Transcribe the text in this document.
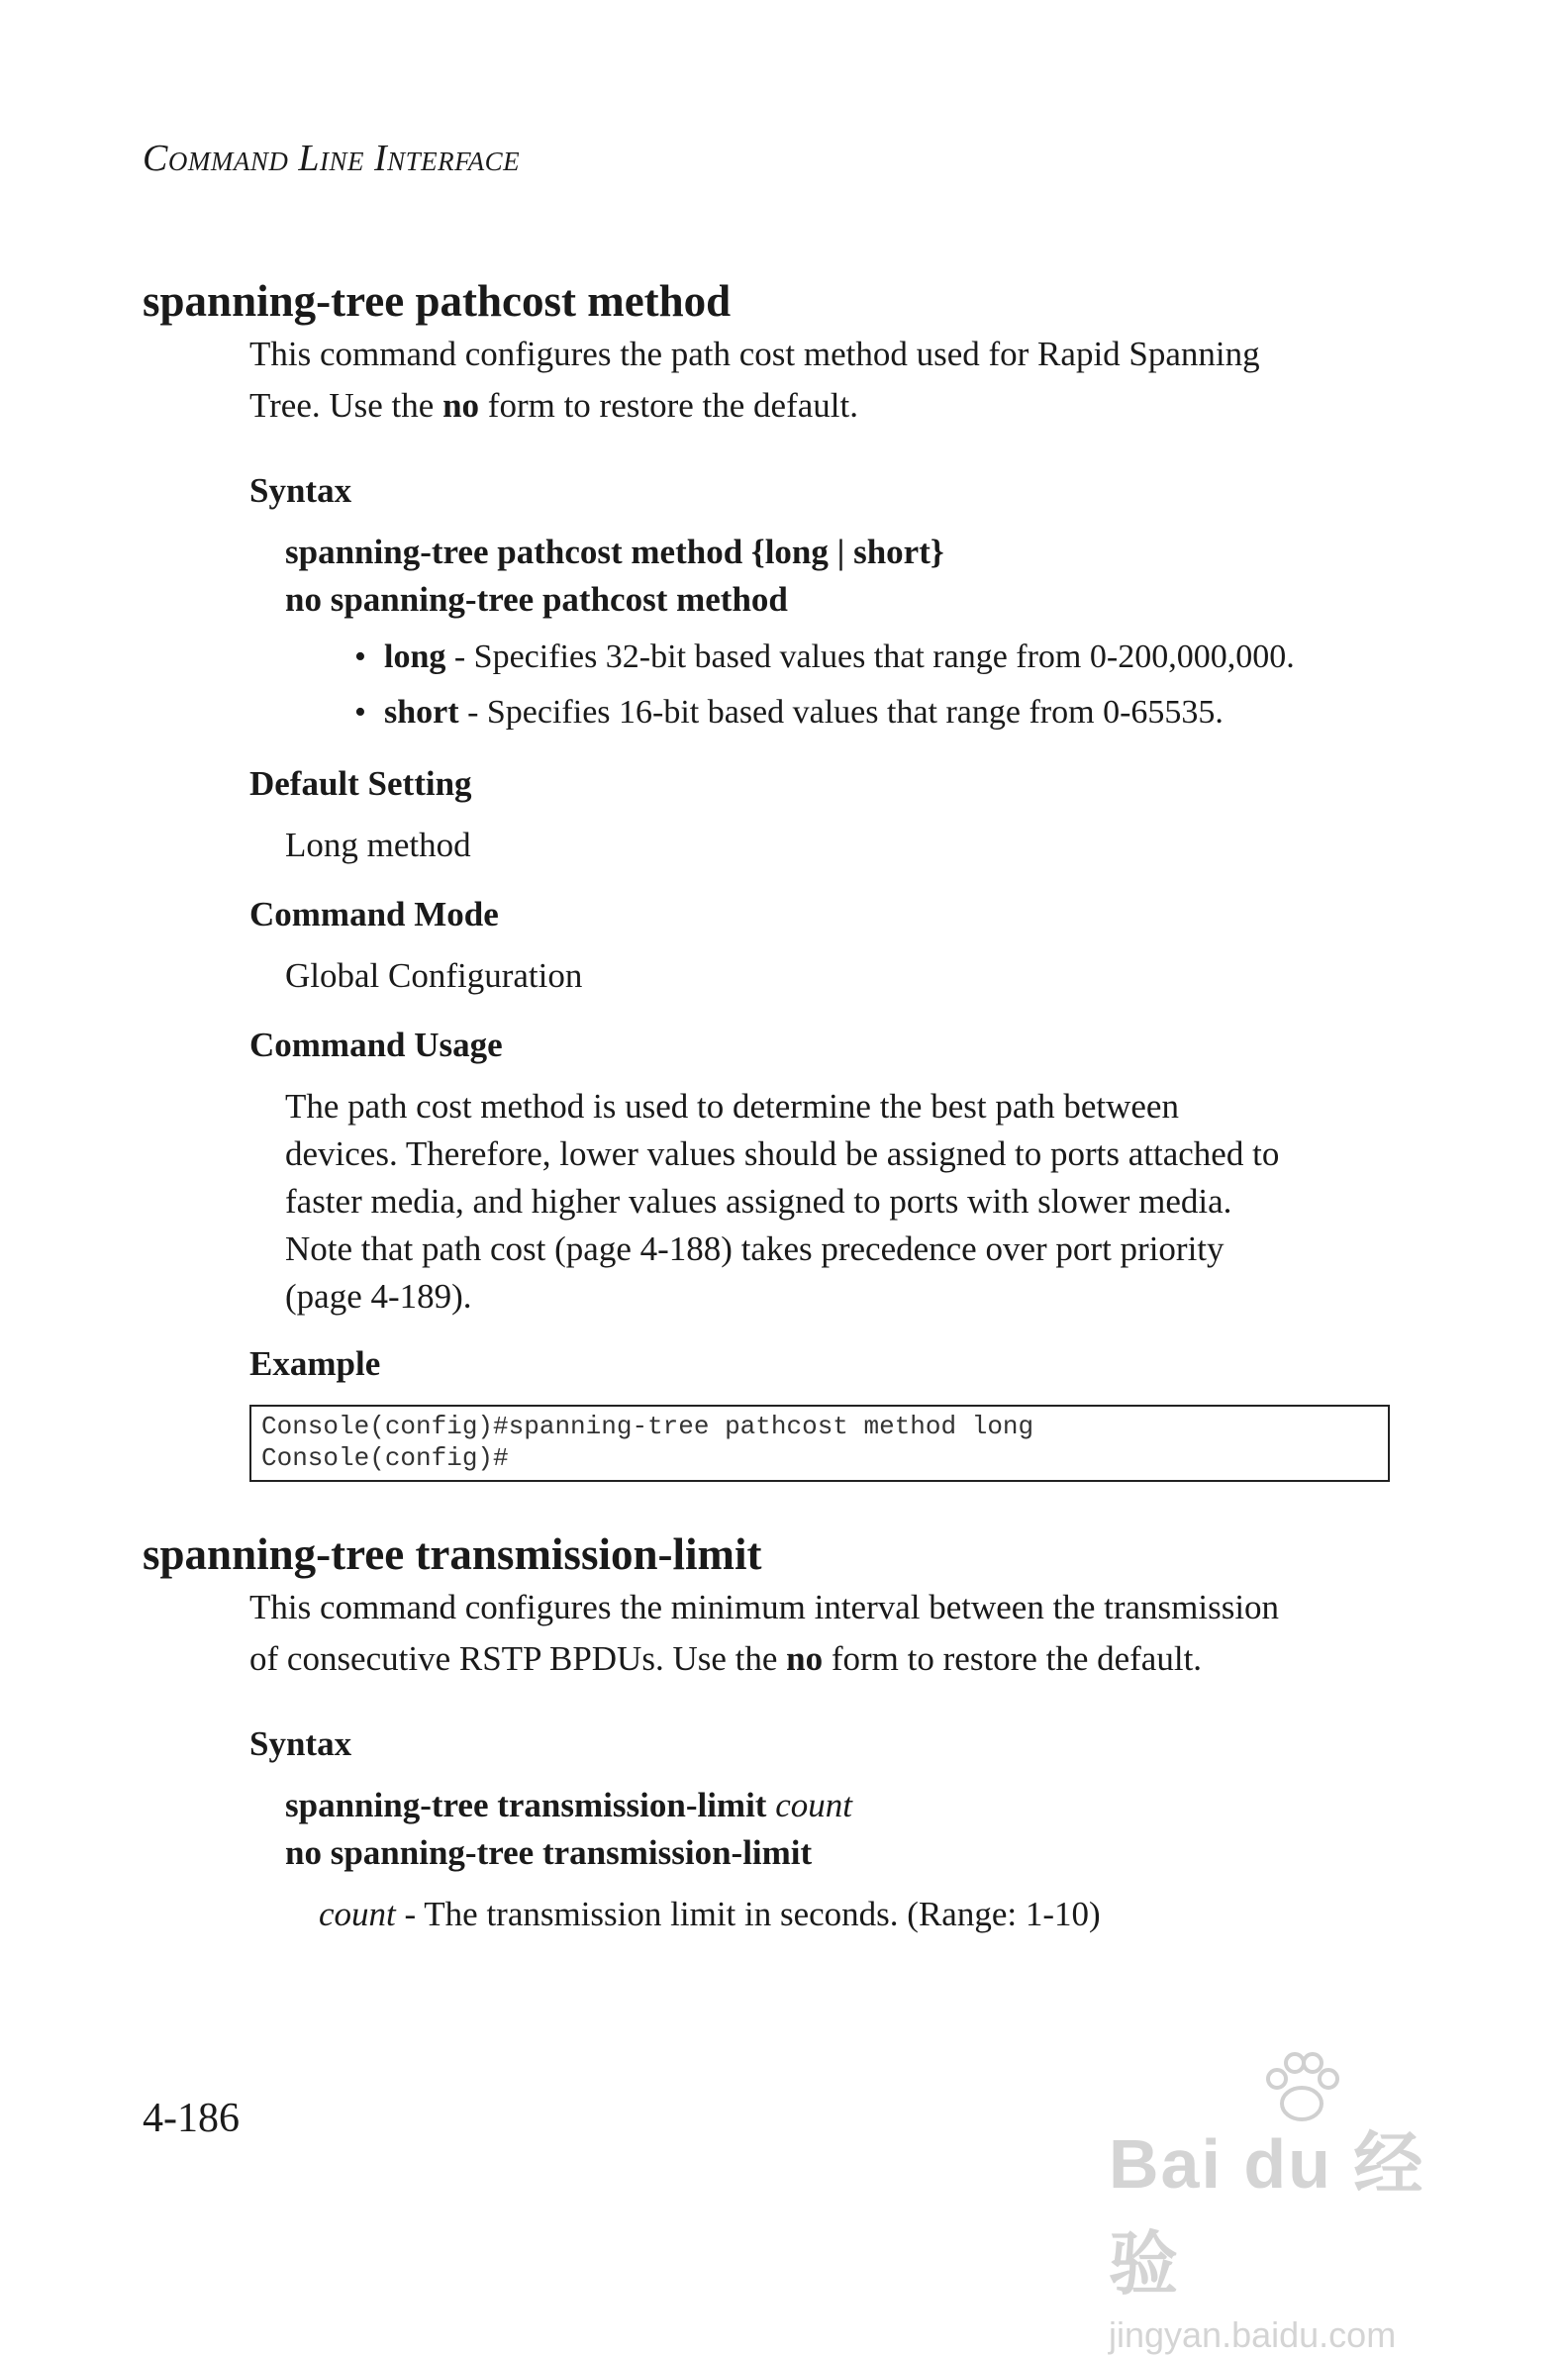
Command Line Interface
spanning-tree pathcost method
This command configures the path cost method used for Rapid Spanning
Tree. Use the no form to restore the default.
Syntax
spanning-tree pathcost method {long | short}
no spanning-tree pathcost method
• long - Specifies 32-bit based values that range from 0-200,000,000.
• short - Specifies 16-bit based values that range from 0-65535.
Default Setting
Long method
Command Mode
Global Configuration
Command Usage
The path cost method is used to determine the best path between
devices. Therefore, lower values should be assigned to ports attached to
faster media, and higher values assigned to ports with slower media.
Note that path cost (page 4-188) takes precedence over port priority
(page 4-189).
Example
Console(config)#spanning-tree pathcost method long
Console(config)#
spanning-tree transmission-limit
This command configures the minimum interval between the transmission
of consecutive RSTP BPDUs. Use the no form to restore the default.
Syntax
spanning-tree transmission-limit count
no spanning-tree transmission-limit
count - The transmission limit in seconds. (Range: 1-10)
4-186
Bai du 经验
jingyan.baidu.com
